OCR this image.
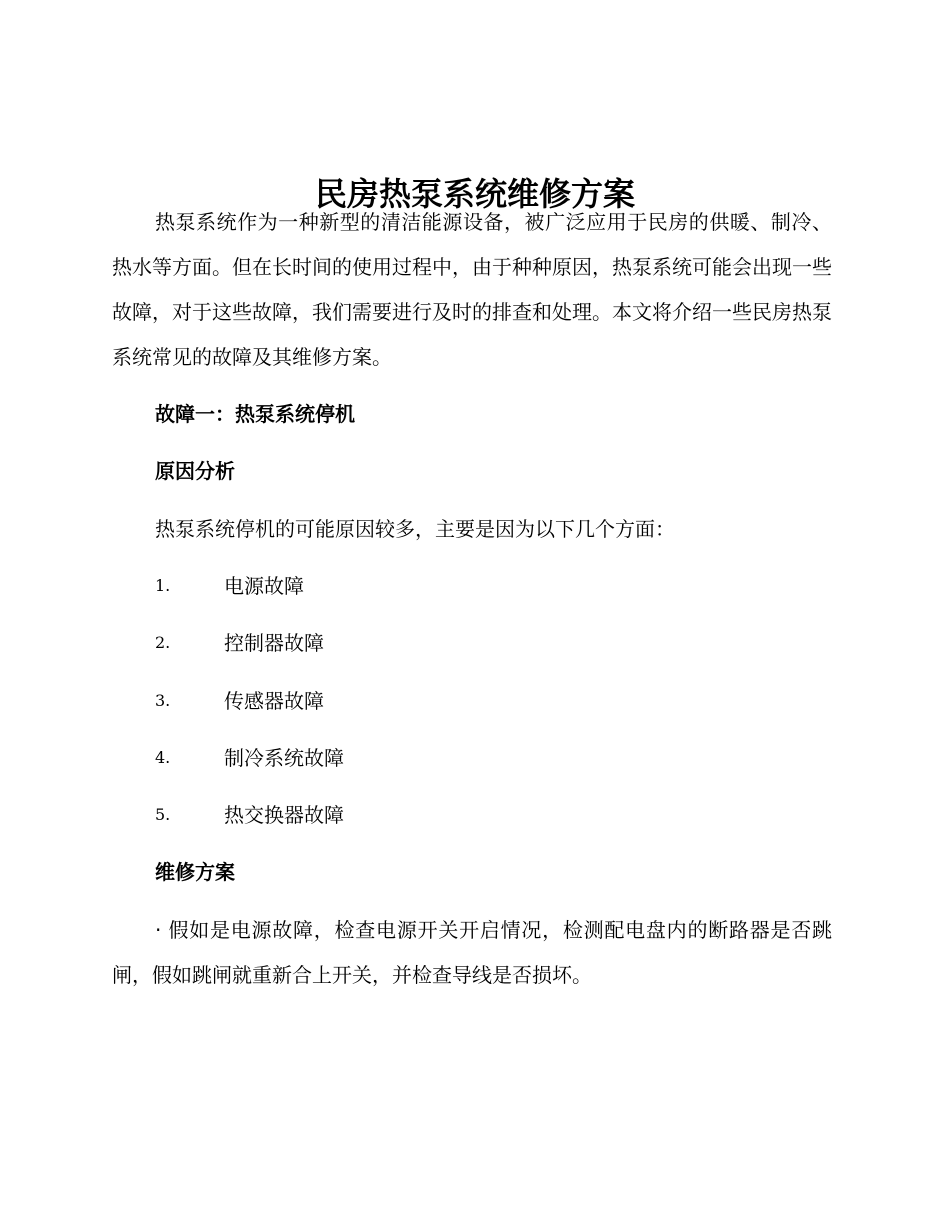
民房热泵系统维修方案

热泵系统作为一种新型的清洁能源设备，被广泛应用于民房的供暖、制冷、热水等方面。但在长时间的使用过程中，由于种种原因，热泵系统可能会出现一些故障，对于这些故障，我们需要进行及时的排查和处理。本文将介绍一些民房热泵系统常见的故障及其维修方案。

故障一：热泵系统停机

原因分析

热泵系统停机的可能原因较多，主要是因为以下几个方面：

1.	电源故障
2.	控制器故障
3.	传感器故障
4.	制冷系统故障
5.	热交换器故障

维修方案

· 假如是电源故障，检查电源开关开启情况，检测配电盘内的断路器是否跳闸，假如跳闸就重新合上开关，并检查导线是否损坏。
